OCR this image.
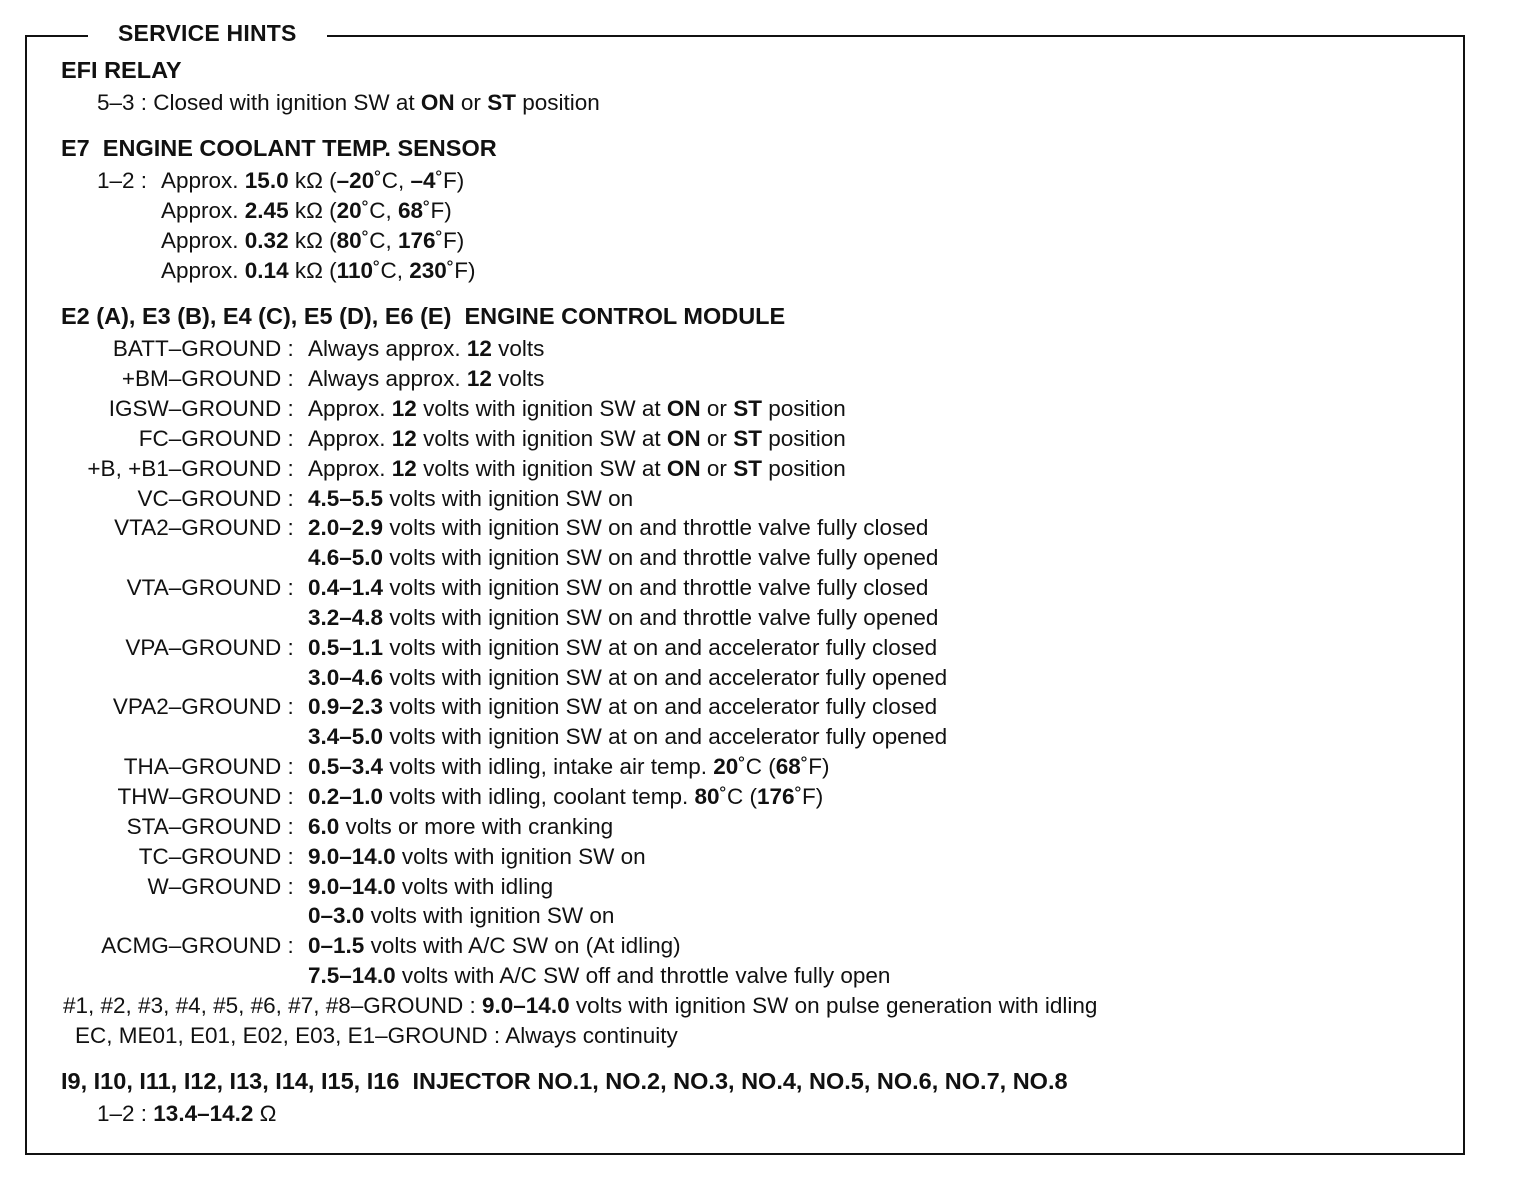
SERVICE HINTS
EFI RELAY
5–3 : Closed with ignition SW at ON or ST position
E7  ENGINE COOLANT TEMP. SENSOR
1–2 : Approx. 15.0 kΩ (–20˚C, –4˚F)
Approx. 2.45 kΩ (20˚C, 68˚F)
Approx. 0.32 kΩ (80˚C, 176˚F)
Approx. 0.14 kΩ (110˚C, 230˚F)
E2 (A), E3 (B), E4 (C), E5 (D), E6 (E)  ENGINE CONTROL MODULE
BATT–GROUND : Always approx. 12 volts
+BM–GROUND : Always approx. 12 volts
IGSW–GROUND : Approx. 12 volts with ignition SW at ON or ST position
FC–GROUND : Approx. 12 volts with ignition SW at ON or ST position
+B, +B1–GROUND : Approx. 12 volts with ignition SW at ON or ST position
VC–GROUND : 4.5–5.5 volts with ignition SW on
VTA2–GROUND : 2.0–2.9 volts with ignition SW on and throttle valve fully closed
4.6–5.0 volts with ignition SW on and throttle valve fully opened
VTA–GROUND : 0.4–1.4 volts with ignition SW on and throttle valve fully closed
3.2–4.8 volts with ignition SW on and throttle valve fully opened
VPA–GROUND : 0.5–1.1 volts with ignition SW at on and accelerator fully closed
3.0–4.6 volts with ignition SW at on and accelerator fully opened
VPA2–GROUND : 0.9–2.3 volts with ignition SW at on and accelerator fully closed
3.4–5.0 volts with ignition SW at on and accelerator fully opened
THA–GROUND : 0.5–3.4 volts with idling, intake air temp. 20˚C (68˚F)
THW–GROUND : 0.2–1.0 volts with idling, coolant temp. 80˚C (176˚F)
STA–GROUND : 6.0 volts or more with cranking
TC–GROUND : 9.0–14.0 volts with ignition SW on
W–GROUND : 9.0–14.0 volts with idling
0–3.0 volts with ignition SW on
ACMG–GROUND : 0–1.5 volts with A/C SW on (At idling)
7.5–14.0 volts with A/C SW off and throttle valve fully open
#1, #2, #3, #4, #5, #6, #7, #8–GROUND : 9.0–14.0 volts with ignition SW on pulse generation with idling
EC, ME01, E01, E02, E03, E1–GROUND : Always continuity
I9, I10, I11, I12, I13, I14, I15, I16  INJECTOR NO.1, NO.2, NO.3, NO.4, NO.5, NO.6, NO.7, NO.8
1–2 : 13.4–14.2 Ω
